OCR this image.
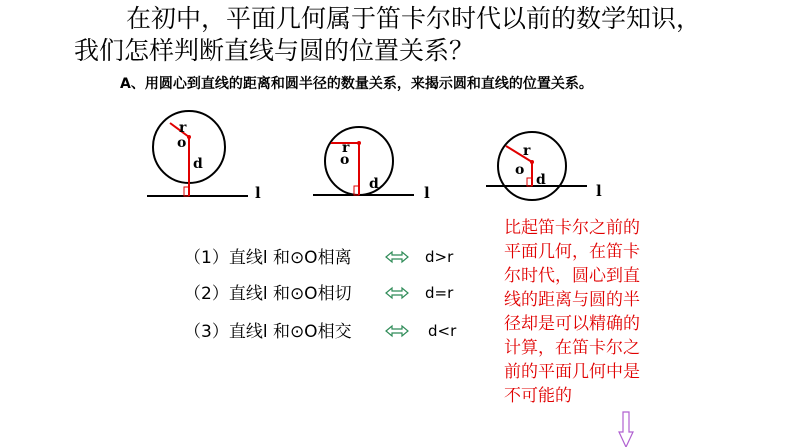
在初中，平面几何属于笛卡尔时代以前的数学知识，
我们怎样判断直线与圆的位置关系？
A、用圆心到直线的距离和圆半径的数量关系，来揭示圆和直线的位置关系。
r
o
d
l
r
o
d	l
r
o
d
l
（1）直线l 和⊙O相离	d>r
（2）直线l 和⊙O相切	d=r
（3）直线l 和⊙O相交	d<r
比起笛卡尔之前的平面几何，在笛卡尔时代，圆心到直线的距离与圆的半径却是可以精确的计算，在笛卡尔之前的平面几何中是不可能的
